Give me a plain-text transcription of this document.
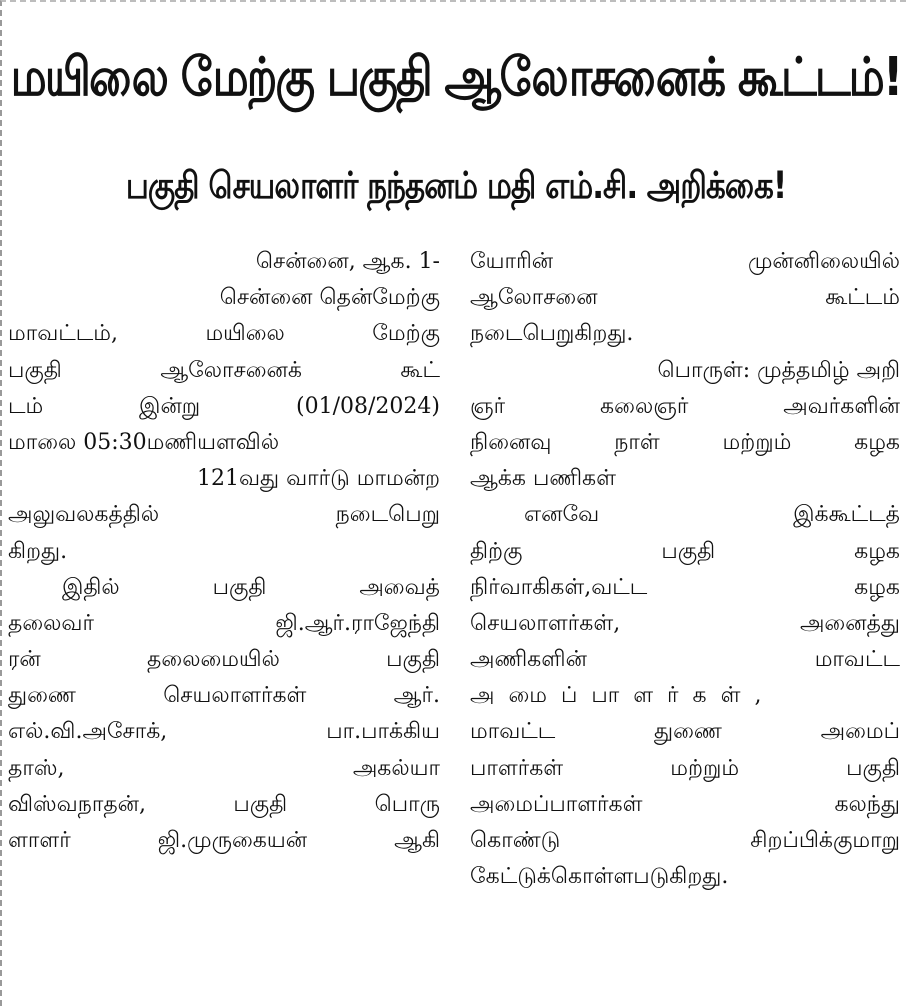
மயிலை மேற்கு பகுதி ஆலோசனைக் கூட்டம்!
பகுதி செயலாளர் நந்தனம் மதி எம்.சி. அறிக்கை!
சென்னை, ஆக. 1-
சென்னை தென்மேற்கு
மாவட்டம், மயிலை மேற்கு
பகுதி ஆலோசனைக் கூட்
டம் இன்று (01/08/2024)
மாலை 05:30மணியளவில்
121வது வார்டு மாமன்ற
அலுவலகத்தில் நடைபெறு
கிறது.
இதில் பகுதி அவைத்
தலைவர் ஜி.ஆர்.ராஜேந்தி
ரன் தலைமையில் பகுதி
துணை செயலாளர்கள் ஆர்.
எல்.வி.அசோக், பா.பாக்கிய
தாஸ், அகல்யா
விஸ்வநாதன், பகுதி பொரு
ளாளர் ஜி.முருகையன் ஆகி
யோரின் முன்னிலையில்
ஆலோசனை கூட்டம்
நடைபெறுகிறது.
பொருள்: முத்தமிழ் அறி
ஞர் கலைஞர் அவர்களின்
நினைவு நாள் மற்றும் கழக
ஆக்க பணிகள்
எனவே இக்கூட்டத்
திற்கு பகுதி கழக
நிர்வாகிகள்,வட்ட கழக
செயலாளர்கள், அனைத்து
அணிகளின் மாவட்ட
அமைப்பாளர்கள்,
மாவட்ட துணை அமைப்
பாளர்கள் மற்றும் பகுதி
அமைப்பாளர்கள் கலந்து
கொண்டு சிறப்பிக்குமாறு
கேட்டுக்கொள்ளபடுகிறது.
